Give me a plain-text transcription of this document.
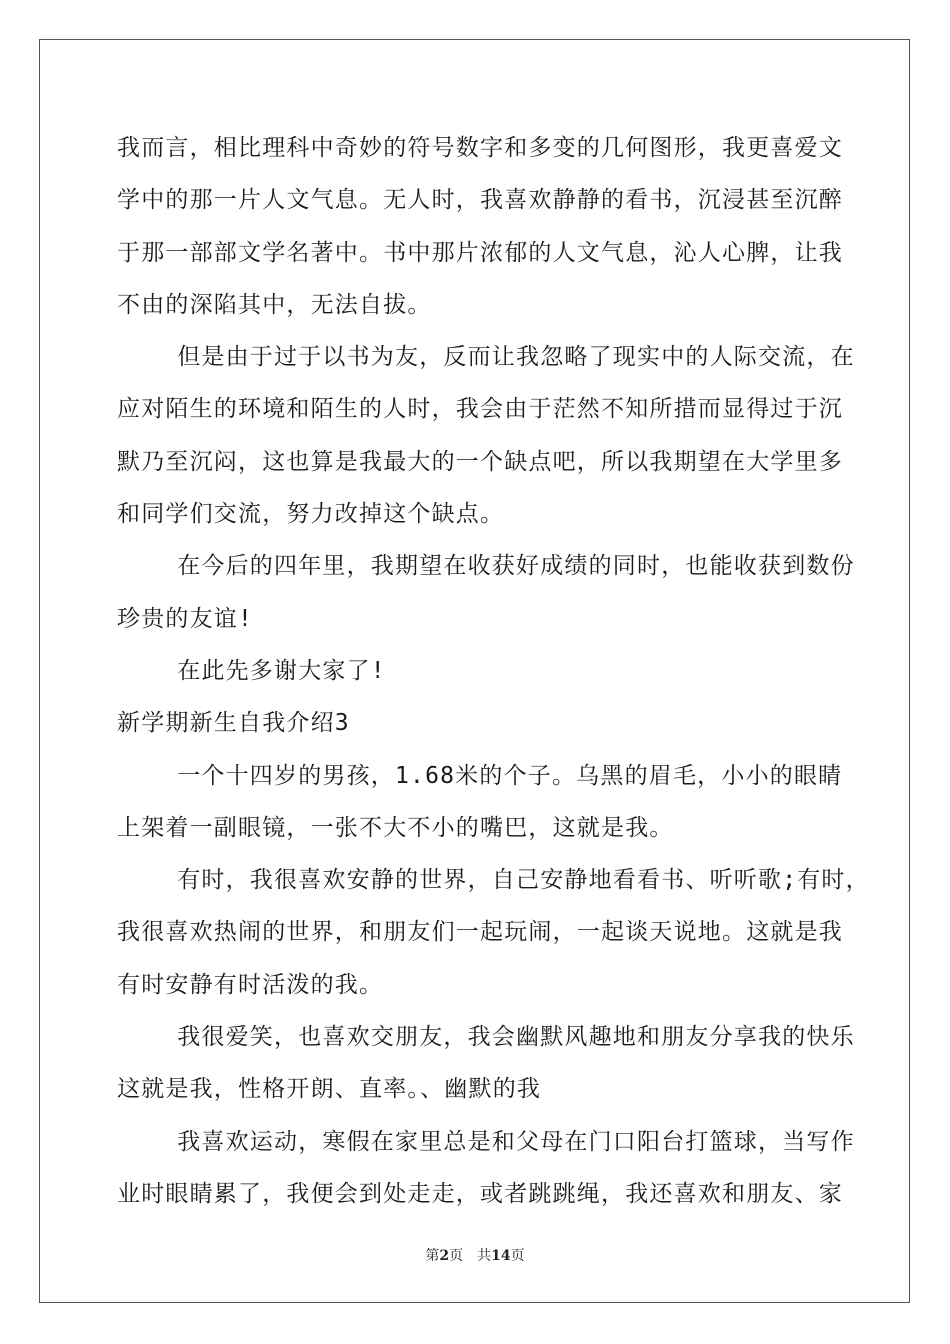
我而言，相比理科中奇妙的符号数字和多变的几何图形，我更喜爱文
学中的那一片人文气息。无人时，我喜欢静静的看书，沉浸甚至沉醉
于那一部部文学名著中。书中那片浓郁的人文气息，沁人心脾，让我
不由的深陷其中，无法自拔。
但是由于过于以书为友，反而让我忽略了现实中的人际交流，在
应对陌生的环境和陌生的人时，我会由于茫然不知所措而显得过于沉
默乃至沉闷，这也算是我最大的一个缺点吧，所以我期望在大学里多
和同学们交流，努力改掉这个缺点。
在今后的四年里，我期望在收获好成绩的同时，也能收获到数份
珍贵的友谊!
在此先多谢大家了!
新学期新生自我介绍3
一个十四岁的男孩，1.68米的个子。乌黑的眉毛，小小的眼睛
上架着一副眼镜，一张不大不小的嘴巴，这就是我。
有时，我很喜欢安静的世界，自己安静地看看书、听听歌;有时，
我很喜欢热闹的世界，和朋友们一起玩闹，一起谈天说地。这就是我
有时安静有时活泼的我。
我很爱笑，也喜欢交朋友，我会幽默风趣地和朋友分享我的快乐
这就是我，性格开朗、直率。、幽默的我
我喜欢运动，寒假在家里总是和父母在门口阳台打篮球，当写作
业时眼睛累了，我便会到处走走，或者跳跳绳，我还喜欢和朋友、家
第2页 共14页
